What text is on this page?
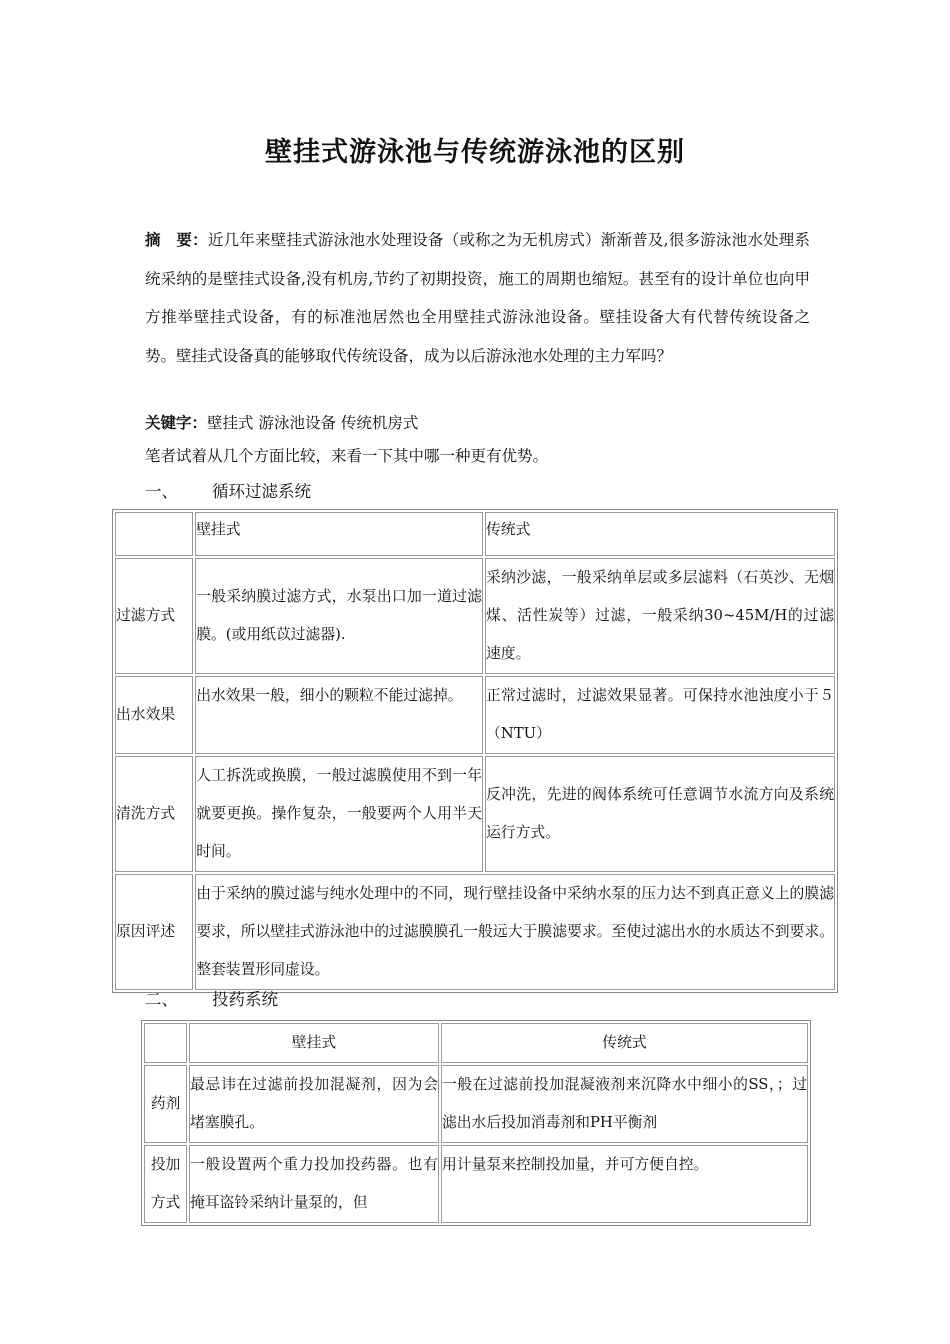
壁挂式游泳池与传统游泳池的区别
摘　要：近几年来壁挂式游泳池水处理设备（或称之为无机房式）渐渐普及,很多游泳池水处理系统采纳的是壁挂式设备,没有机房,节约了初期投资，施工的周期也缩短。甚至有的设计单位也向甲方推举壁挂式设备，有的标准池居然也全用壁挂式游泳池设备。壁挂设备大有代替传统设备之势。壁挂式设备真的能够取代传统设备，成为以后游泳池水处理的主力军吗？
关键字：壁挂式 游泳池设备 传统机房式
笔者试着从几个方面比较，来看一下其中哪一种更有优势。
一、 循环过滤系统
	壁挂式	传统式
过滤方式	一般采纳膜过滤方式，水泵出口加一道过滤膜。(或用纸苡过滤器).	采纳沙滤，一般采纳单层或多层滤料（石英沙、无烟煤、活性炭等）过滤，一般采纳30~45M/H的过滤速度。
出水效果	出水效果一般，细小的颗粒不能过滤掉。	正常过滤时，过滤效果显著。可保持水池浊度小于５（NTU）
清洗方式	人工拆洗或换膜，一般过滤膜使用不到一年就要更换。操作复杂，一般要两个人用半天时间。	反冲洗，先进的阀体系统可任意调节水流方向及系统运行方式。
原因评述	由于采纳的膜过滤与纯水处理中的不同，现行壁挂设备中采纳水泵的压力达不到真正意义上的膜滤要求，所以壁挂式游泳池中的过滤膜膜孔一般远大于膜滤要求。至使过滤出水的水质达不到要求。整套装置形同虚设。	
二、 投药系统
	壁挂式	传统式
药剂	最忌讳在过滤前投加混凝剂，因为会堵塞膜孔。	一般在过滤前投加混凝液剂来沉降水中细小的SS，；过滤出水后投加消毒剂和PH平衡剂
投加方式	一般设置两个重力投加投药器。也有掩耳盗铃采纳计量泵的，但	用计量泵来控制投加量，并可方便自控。
